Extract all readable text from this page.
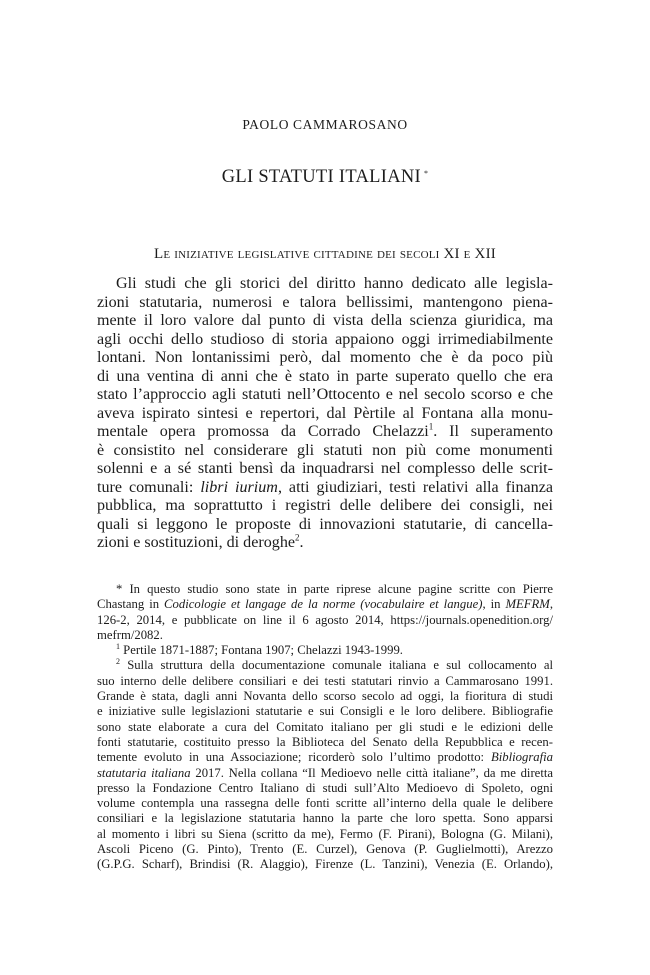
PAOLO CAMMAROSANO
GLI STATUTI ITALIANI *
Le iniziative legislative cittadine dei secoli XI e XII
Gli studi che gli storici del diritto hanno dedicato alle legisla-
zioni statutaria, numerosi e talora bellissimi, mantengono piena-
mente il loro valore dal punto di vista della scienza giuridica, ma
agli occhi dello studioso di storia appaiono oggi irrimediabilmente
lontani. Non lontanissimi però, dal momento che è da poco più
di una ventina di anni che è stato in parte superato quello che era
stato l’approccio agli statuti nell’Ottocento e nel secolo scorso e che
aveva ispirato sintesi e repertori, dal Pèrtile al Fontana alla monu-
mentale opera promossa da Corrado Chelazzi$^1$. Il superamento
è consistito nel considerare gli statuti non più come monumenti
solenni e a sé stanti bensì da inquadrarsi nel complesso delle scrit-
ture comunali: libri iurium, atti giudiziari, testi relativi alla finanza
pubblica, ma soprattutto i registri delle delibere dei consigli, nei
quali si leggono le proposte di innovazioni statutarie, di cancella-
zioni e sostituzioni, di deroghe$^2$.
* In questo studio sono state in parte riprese alcune pagine scritte con Pierre
Chastang in Codicologie et langage de la norme (vocabulaire et langue), in MEFRM,
126-2, 2014, e pubblicate on line il 6 agosto 2014, https://journals.openedition.org/
mefrm/2082.
$^1$ Pertile 1871-1887; Fontana 1907; Chelazzi 1943-1999.
$^2$ Sulla struttura della documentazione comunale italiana e sul collocamento al
suo interno delle delibere consiliari e dei testi statutari rinvio a Cammarosano 1991.
Grande è stata, dagli anni Novanta dello scorso secolo ad oggi, la fioritura di studi
e iniziative sulle legislazioni statutarie e sui Consigli e le loro delibere. Bibliografie
sono state elaborate a cura del Comitato italiano per gli studi e le edizioni delle
fonti statutarie, costituito presso la Biblioteca del Senato della Repubblica e recen-
temente evoluto in una Associazione; ricorderò solo l’ultimo prodotto: Bibliografia
statutaria italiana 2017. Nella collana “Il Medioevo nelle città italiane”, da me diretta
presso la Fondazione Centro Italiano di studi sull’Alto Medioevo di Spoleto, ogni
volume contempla una rassegna delle fonti scritte all’interno della quale le delibere
consiliari e la legislazione statutaria hanno la parte che loro spetta. Sono apparsi
al momento i libri su Siena (scritto da me), Fermo (F. Pirani), Bologna (G. Milani),
Ascoli Piceno (G. Pinto), Trento (E. Curzel), Genova (P. Guglielmotti), Arezzo
(G.P.G. Scharf), Brindisi (R. Alaggio), Firenze (L. Tanzini), Venezia (E. Orlando),
